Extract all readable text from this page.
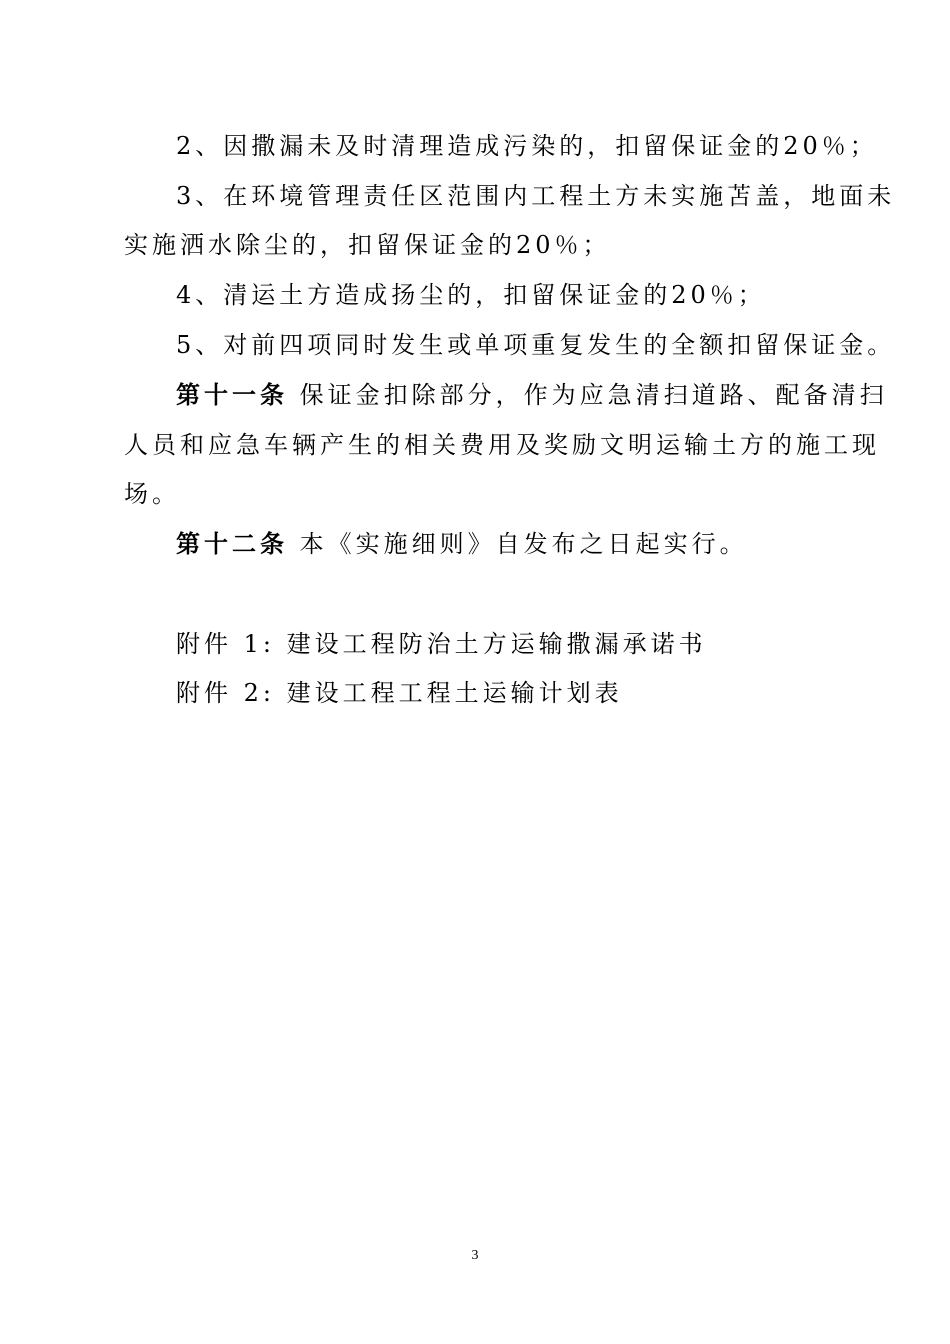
2、因撒漏未及时清理造成污染的，扣留保证金的20％；
3、在环境管理责任区范围内工程土方未实施苫盖，地面未
实施洒水除尘的，扣留保证金的20％；
4、清运土方造成扬尘的，扣留保证金的20％；
5、对前四项同时发生或单项重复发生的全额扣留保证金。
第十一条 保证金扣除部分，作为应急清扫道路、配备清扫
人员和应急车辆产生的相关费用及奖励文明运输土方的施工现
场。
第十二条 本《实施细则》自发布之日起实行。
附件 1: 建设工程防治土方运输撒漏承诺书
附件 2: 建设工程工程土运输计划表
3
